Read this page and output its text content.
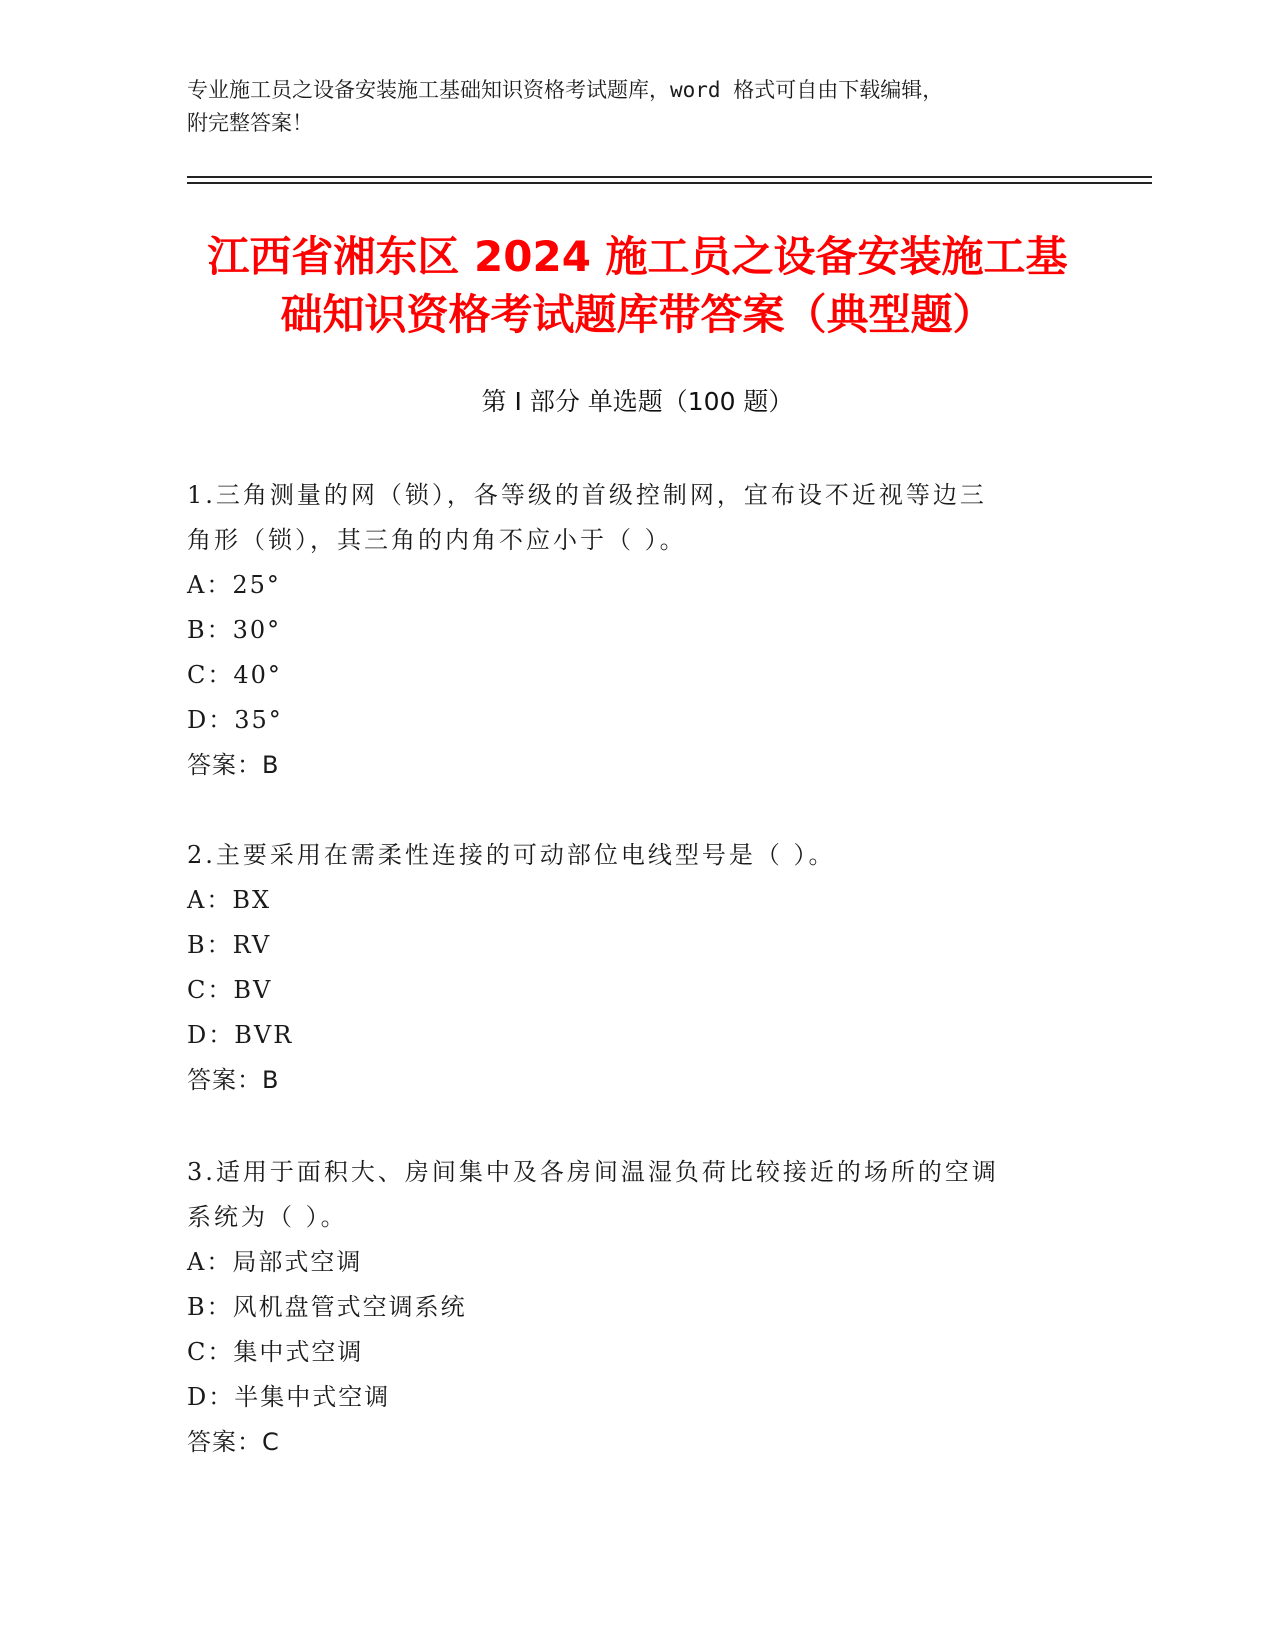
专业施工员之设备安装施工基础知识资格考试题库，word 格式可自由下载编辑，
附完整答案！
江西省湘东区 2024 施工员之设备安装施工基
础知识资格考试题库带答案（典型题）
第 I 部分 单选题（100 题）
1.三角测量的网（锁），各等级的首级控制网，宜布设不近视等边三
角形（锁），其三角的内角不应小于（ ）。
A：25°
B：30°
C：40°
D：35°
答案：B
2.主要采用在需柔性连接的可动部位电线型号是（ ）。
A：BX
B：RV
C：BV
D：BVR
答案：B
3.适用于面积大、房间集中及各房间温湿负荷比较接近的场所的空调
系统为（ ）。
A：局部式空调
B：风机盘管式空调系统
C：集中式空调
D：半集中式空调
答案：C
